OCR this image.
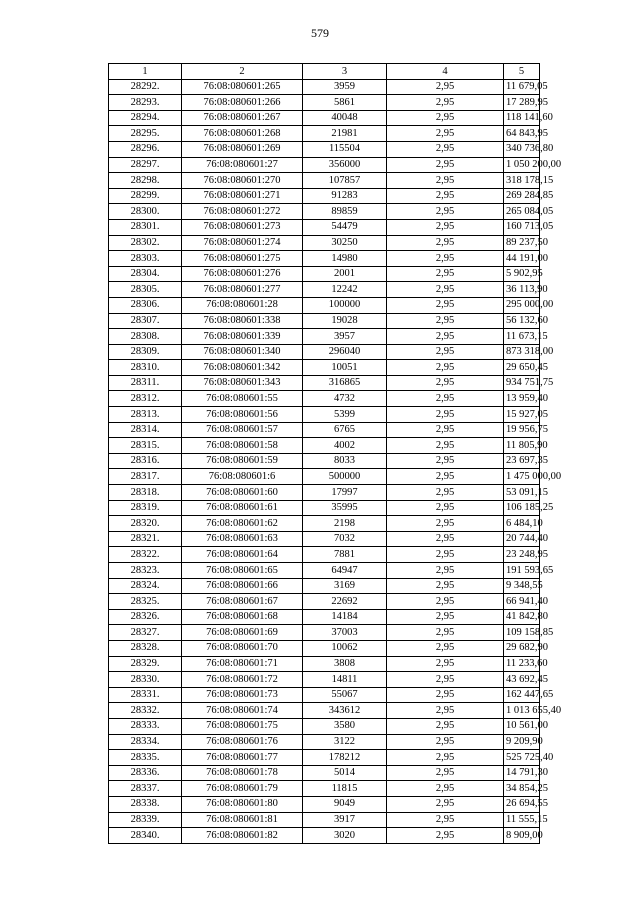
579
1	2	3	4	5
28292.	76:08:080601:265	3959	2,95	11 679,05
28293.	76:08:080601:266	5861	2,95	17 289,95
28294.	76:08:080601:267	40048	2,95	118 141,60
28295.	76:08:080601:268	21981	2,95	64 843,95
28296.	76:08:080601:269	115504	2,95	340 736,80
28297.	76:08:080601:27	356000	2,95	1 050 200,00
28298.	76:08:080601:270	107857	2,95	318 178,15
28299.	76:08:080601:271	91283	2,95	269 284,85
28300.	76:08:080601:272	89859	2,95	265 084,05
28301.	76:08:080601:273	54479	2,95	160 713,05
28302.	76:08:080601:274	30250	2,95	89 237,50
28303.	76:08:080601:275	14980	2,95	44 191,00
28304.	76:08:080601:276	2001	2,95	5 902,95
28305.	76:08:080601:277	12242	2,95	36 113,90
28306.	76:08:080601:28	100000	2,95	295 000,00
28307.	76:08:080601:338	19028	2,95	56 132,60
28308.	76:08:080601:339	3957	2,95	11 673,15
28309.	76:08:080601:340	296040	2,95	873 318,00
28310.	76:08:080601:342	10051	2,95	29 650,45
28311.	76:08:080601:343	316865	2,95	934 751,75
28312.	76:08:080601:55	4732	2,95	13 959,40
28313.	76:08:080601:56	5399	2,95	15 927,05
28314.	76:08:080601:57	6765	2,95	19 956,75
28315.	76:08:080601:58	4002	2,95	11 805,90
28316.	76:08:080601:59	8033	2,95	23 697,35
28317.	76:08:080601:6	500000	2,95	1 475 000,00
28318.	76:08:080601:60	17997	2,95	53 091,15
28319.	76:08:080601:61	35995	2,95	106 185,25
28320.	76:08:080601:62	2198	2,95	6 484,10
28321.	76:08:080601:63	7032	2,95	20 744,40
28322.	76:08:080601:64	7881	2,95	23 248,95
28323.	76:08:080601:65	64947	2,95	191 593,65
28324.	76:08:080601:66	3169	2,95	9 348,55
28325.	76:08:080601:67	22692	2,95	66 941,40
28326.	76:08:080601:68	14184	2,95	41 842,80
28327.	76:08:080601:69	37003	2,95	109 158,85
28328.	76:08:080601:70	10062	2,95	29 682,90
28329.	76:08:080601:71	3808	2,95	11 233,60
28330.	76:08:080601:72	14811	2,95	43 692,45
28331.	76:08:080601:73	55067	2,95	162 447,65
28332.	76:08:080601:74	343612	2,95	1 013 655,40
28333.	76:08:080601:75	3580	2,95	10 561,00
28334.	76:08:080601:76	3122	2,95	9 209,90
28335.	76:08:080601:77	178212	2,95	525 725,40
28336.	76:08:080601:78	5014	2,95	14 791,30
28337.	76:08:080601:79	11815	2,95	34 854,25
28338.	76:08:080601:80	9049	2,95	26 694,55
28339.	76:08:080601:81	3917	2,95	11 555,15
28340.	76:08:080601:82	3020	2,95	8 909,00
